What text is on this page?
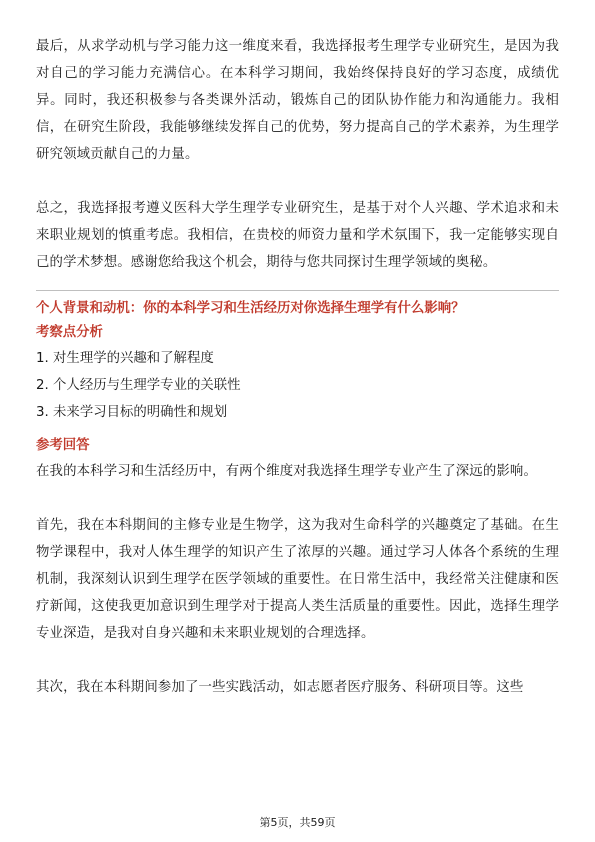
最后，从求学动机与学习能力这一维度来看，我选择报考生理学专业研究生，是因为我对自己的学习能力充满信心。在本科学习期间，我始终保持良好的学习态度，成绩优异。同时，我还积极参与各类课外活动，锻炼自己的团队协作能力和沟通能力。我相信，在研究生阶段，我能够继续发挥自己的优势，努力提高自己的学术素养，为生理学研究领域贡献自己的力量。

总之，我选择报考遵义医科大学生理学专业研究生，是基于对个人兴趣、学术追求和未来职业规划的慎重考虑。我相信，在贵校的师资力量和学术氛围下，我一定能够实现自己的学术梦想。感谢您给我这个机会，期待与您共同探讨生理学领域的奥秘。

个人背景和动机：你的本科学习和生活经历对你选择生理学有什么影响？

考察点分析

1. 对生理学的兴趣和了解程度
2. 个人经历与生理学专业的关联性
3. 未来学习目标的明确性和规划

参考回答

在我的本科学习和生活经历中，有两个维度对我选择生理学专业产生了深远的影响。

首先，我在本科期间的主修专业是生物学，这为我对生命科学的兴趣奠定了基础。在生物学课程中，我对人体生理学的知识产生了浓厚的兴趣。通过学习人体各个系统的生理机制，我深刻认识到生理学在医学领域的重要性。在日常生活中，我经常关注健康和医疗新闻，这使我更加意识到生理学对于提高人类生活质量的重要性。因此，选择生理学专业深造，是我对自身兴趣和未来职业规划的合理选择。

其次，我在本科期间参加了一些实践活动，如志愿者医疗服务、科研项目等。这些

第5页，共59页
